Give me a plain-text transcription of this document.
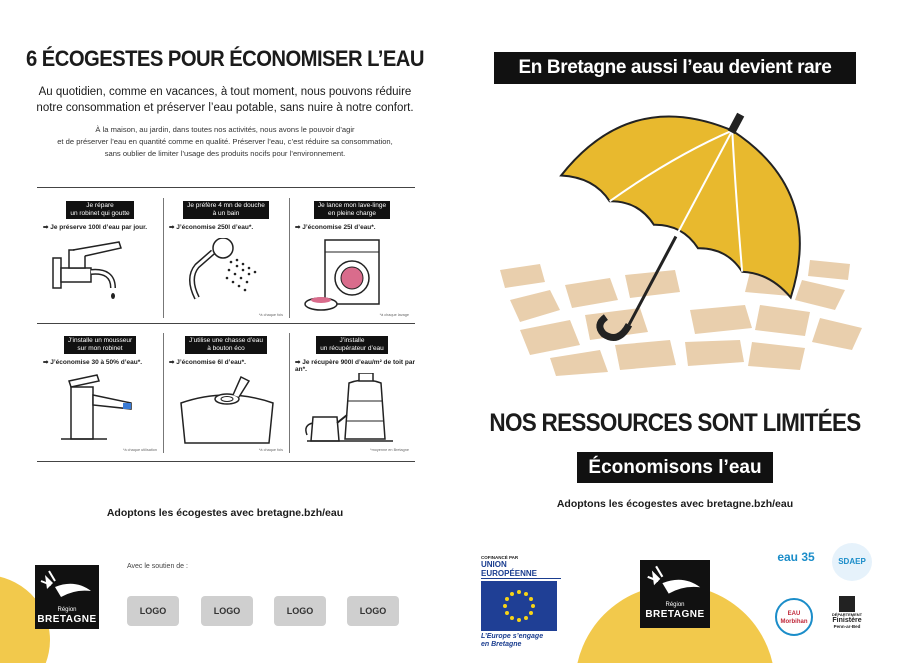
6 ÉCOGESTES POUR ÉCONOMISER L’EAU
Au quotidien, comme en vacances, à tout moment, nous pouvons réduire
notre consommation et préserver l’eau potable, sans nuire à notre confort.
À la maison, au jardin, dans toutes nos activités, nous avons le pouvoir d’agir
et de préserver l’eau en quantité comme en qualité. Préserver l’eau, c’est réduire sa consommation,
sans oublier de limiter l’usage des produits nocifs pour l’environnement.
Je répare
un robinet qui goutte
➡ Je préserve 100l d’eau par jour.
Je préfère 4 mn de douche
à un bain
➡ J’économise 250l d’eau*.
*à chaque fois
Je lance mon lave-linge
en pleine charge
➡ J’économise 25l d’eau*.
*à chaque lavage
J’installe un mousseur
sur mon robinet
➡ J’économise 30 à 50% d’eau*.
*à chaque utilisation
J’utilise une chasse d’eau
à bouton éco
➡ J’économise 6l d’eau*.
*à chaque fois
J’installe
un récupérateur d’eau
➡ Je récupère 900l d’eau/m² de toit par an*.
*moyenne en Bretagne
Adoptons les écogestes avec bretagne.bzh/eau
Avec le soutien de :
Région
BRETAGNE
LOGO	LOGO	LOGO	LOGO
En Bretagne aussi l’eau devient rare
NOS RESSOURCES SONT LIMITÉES
Économisons l’eau
Adoptons les écogestes avec bretagne.bzh/eau
COFINANCÉ PAR
UNION EUROPÉENNE
L’Europe s’engage
en Bretagne
Région
BRETAGNE
eau 35	SDAEP
EAU Morbihan
DÉPARTEMENT
Finistère
Penn-ar-Bed
